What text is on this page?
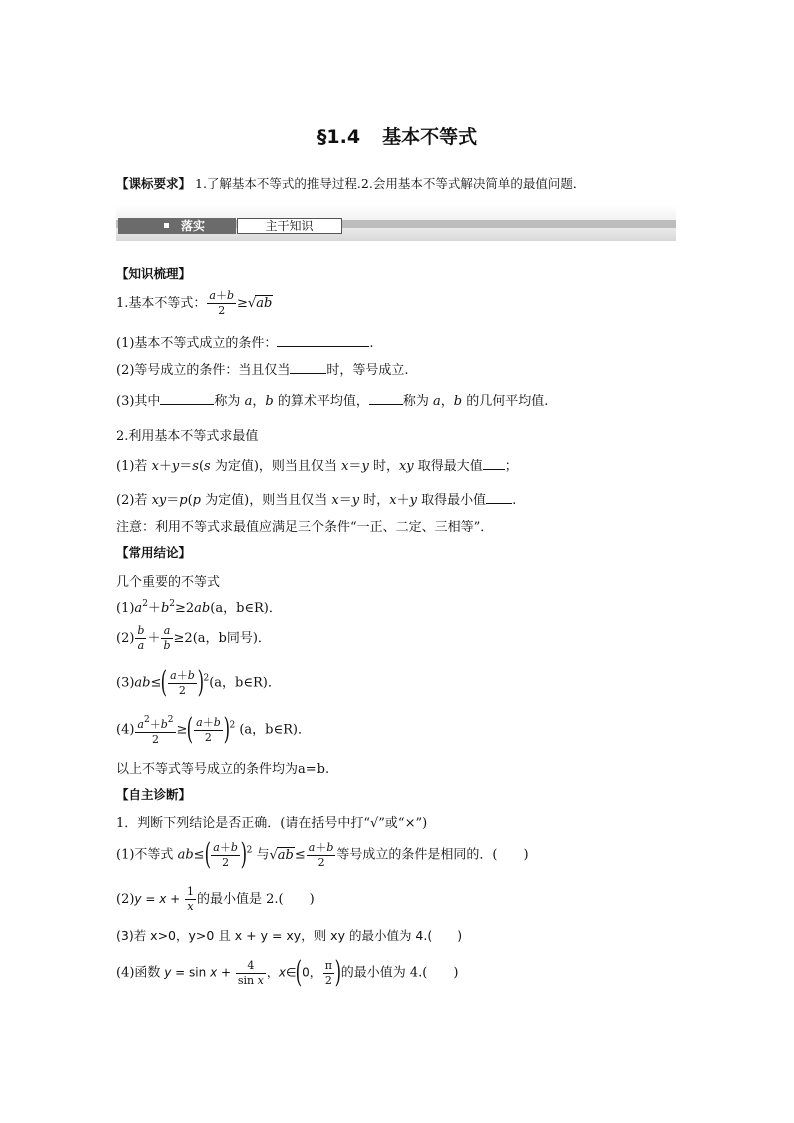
§1.4 基本不等式
【课标要求】 1.了解基本不等式的推导过程.2.会用基本不等式解决简单的最值问题．
落实	主干知识
【知识梳理】
1.基本不等式： $\frac{a+b}{2} \ge√ab$
(1)基本不等式成立的条件：	.
(2)等号成立的条件：当且仅当	时，等号成立.
(3)其中	称为 a，b 的算术平均值，	称为 a，b 的几何平均值.
2.利用基本不等式求最值
(1)若 x＋y＝s(s 为定值)，则当且仅当 x＝y 时，xy 取得最大值 ；
(2)若 xy＝p(p 为定值)，则当且仅当 x＝y 时，x＋y 取得最小值 .
注意：利用不等式求最值应满足三个条件“一正、二定、三相等”．
【常用结论】
几个重要的不等式
$(1)a^2+b^2\ge 2ab(a$，b∈R)．
$(2) \frac{b}{a} + \frac{a}{b} \ge 2(a$，b同号)．
$(3)ab\le( \frac{a+b}{2} )^2(a$，b∈R)．
$(4) \frac{a^2+b^2}{2}$ ≥( $\frac{a+b}{2} )^2$ (a，b∈R)．
以上不等式等号成立的条件均为a=b.
【自主诊断】
1．判断下列结论是否正确．(请在括号中打“√”或“×”)
(1)不等式 $ab\le( \frac{a+b}{2} )^2$ 与$√ab\le \frac{a+b}{2}$ 等号成立的条件是相同的．(　　)
$(2)y = x + \frac{1}{x}$ 的最小值是 2.(　　)
(3)若 x>0，y>0 且 x + y = xy，则 xy 的最小值为 4.(　　)
(4)函数 $y = \sin x + \frac{4}{\text{sin x}}$ ，x∈(0， $\frac{\pi}{2}$ )的最小值为 4.(　　)
